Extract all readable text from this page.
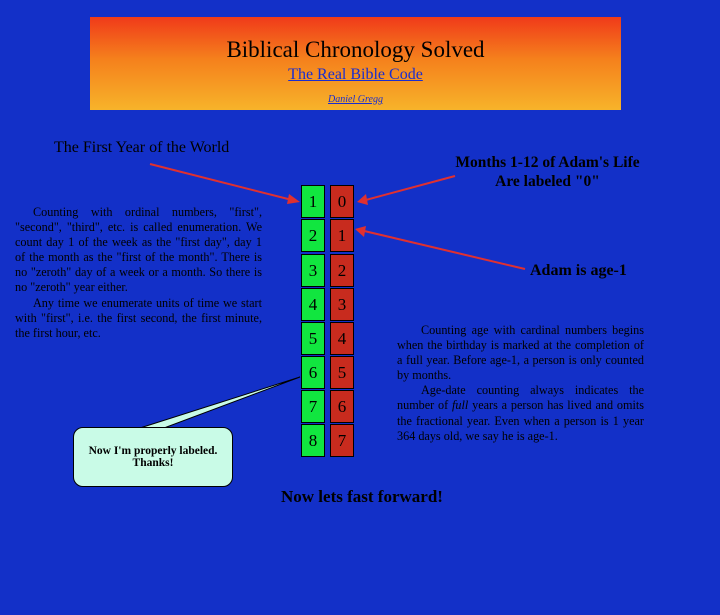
Biblical Chronology Solved
The Real Bible Code
Daniel Gregg
The First Year of the World

Counting with ordinal numbers, "first", "second", "third", etc. is called enumeration. We count day 1 of the week as the "first day", day 1 of the month as the "first of the month". There is no "zeroth" day of a week or a month. So there is no "zeroth" year either.

Any time we enumerate units of time we start with "first", i.e. the first second, the first minute, the first hour, etc.

Now I'm properly labeled.
Thanks!
1	0
2	1
3	2
4	3
5	4
6	5
7	6
8	7
Months 1-12 of Adam's Life Are labeled "0"
Adam is age-1

Counting age with cardinal numbers begins when the birthday is marked at the completion of a full year. Before age-1, a person is only counted by months.

Age-date counting always indicates the number of full years a person has lived and omits the fractional year. Even when a person is 1 year 364 days old, we say he is age-1.

Now lets fast forward!
